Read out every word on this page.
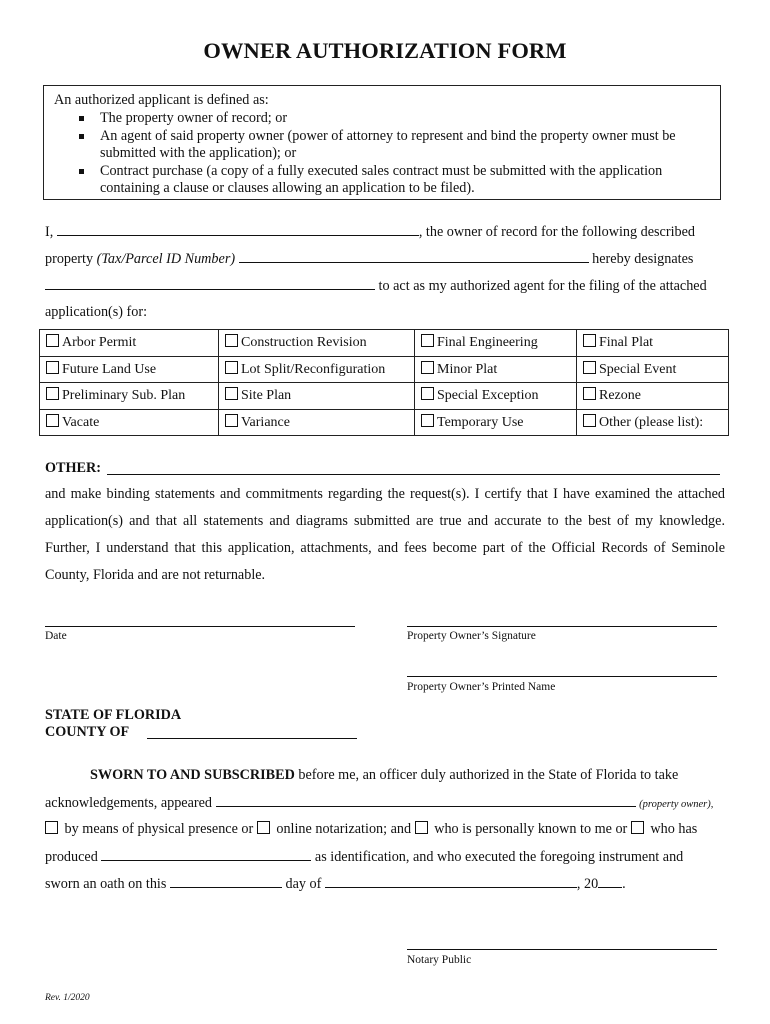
OWNER AUTHORIZATION FORM
An authorized applicant is defined as:
The property owner of record; or
An agent of said property owner (power of attorney to represent and bind the property owner must be submitted with the application); or
Contract purchase (a copy of a fully executed sales contract must be submitted with the application containing a clause or clauses allowing an application to be filed).
I,	, the owner of record for the following described
property (Tax/Parcel ID Number)	hereby designates
to act as my authorized agent for the filing of the attached
application(s) for:
Arbor Permit	Construction Revision	Final Engineering	Final Plat
Future Land Use	Lot Split/Reconfiguration	Minor Plat	Special Event
Preliminary Sub. Plan	Site Plan	Special Exception	Rezone
Vacate	Variance	Temporary Use	Other (please list):
OTHER:
and make binding statements and commitments regarding the request(s). I certify that I have examined the attached application(s) and that all statements and diagrams submitted are true and accurate to the best of my knowledge. Further, I understand that this application, attachments, and fees become part of the Official Records of Seminole County, Florida and are not returnable.
Date	Property Owner’s Signature
Property Owner’s Printed Name
STATE OF FLORIDA
COUNTY OF
SWORN TO AND SUBSCRIBED before me, an officer duly authorized in the State of Florida to take
acknowledgements, appeared	(property owner),
by means of physical presence or online notarization; and who is personally known to me or who has
produced	as identification, and who executed the foregoing instrument and
sworn an oath on this	day of	, 20 .
Notary Public
Rev. 1/2020
